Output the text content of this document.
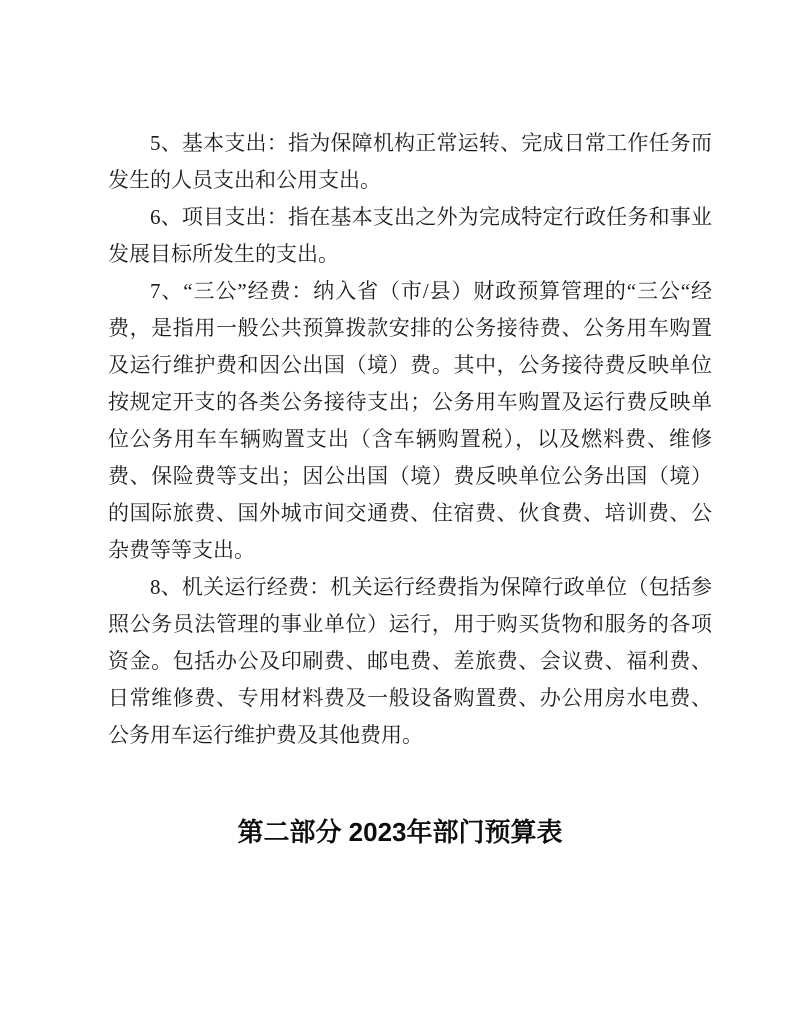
5、基本支出：指为保障机构正常运转、完成日常工作任务而发生的人员支出和公用支出。

6、项目支出：指在基本支出之外为完成特定行政任务和事业发展目标所发生的支出。

7、“三公”经费：纳入省（市/县）财政预算管理的“三公“经费，是指用一般公共预算拨款安排的公务接待费、公务用车购置及运行维护费和因公出国（境）费。其中，公务接待费反映单位按规定开支的各类公务接待支出；公务用车购置及运行费反映单位公务用车车辆购置支出（含车辆购置税），以及燃料费、维修费、保险费等支出；因公出国（境）费反映单位公务出国（境）的国际旅费、国外城市间交通费、住宿费、伙食费、培训费、公杂费等等支出。

8、机关运行经费：机关运行经费指为保障行政单位（包括参照公务员法管理的事业单位）运行，用于购买货物和服务的各项资金。包括办公及印刷费、邮电费、差旅费、会议费、福利费、日常维修费、专用材料费及一般设备购置费、办公用房水电费、公务用车运行维护费及其他费用。

第二部分 2023年部门预算表
